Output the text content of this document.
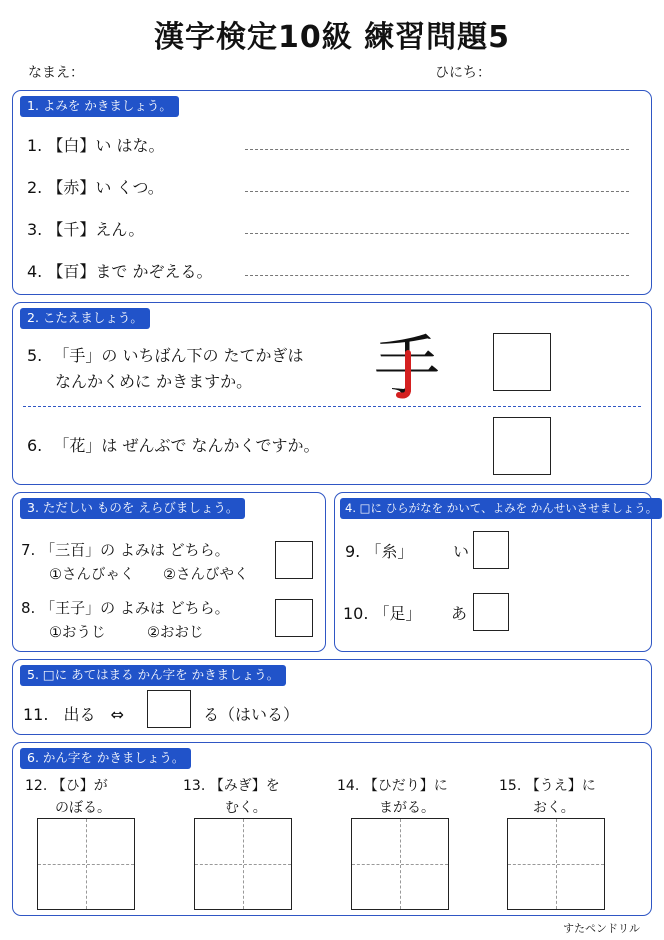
漢字検定10級 練習問題5
なまえ：	ひにち：
1. よみを かきましょう。
1. 【白】い はな。
2. 【赤】い くつ。
3. 【千】えん。
4. 【百】まで かぞえる。
2. こたえましょう。
5. 「手」の いちばん下の たてかぎは
なんかくめに かきますか。 手
6. 「花」は ぜんぶで なんかくですか。
3. ただしい ものを えらびましょう。
7. 「三百」の よみは どちら。
①さんびゃく ②さんびやく
8. 「王子」の よみは どちら。
①おうじ	②おおじ
4. □に ひらがなを かいて、よみを かんせいさせましょう。
9. 「糸」 い
10. 「足」 あ
5. □に あてはまる かん字を かきましょう。
11. 出る ⇔	る（はいる）
6. かん字を かきましょう。
12. 【ひ】が
のぼる。
13. 【みぎ】を
むく。
14. 【ひだり】に
まがる。
15. 【うえ】に
おく。
すたペンドリル
